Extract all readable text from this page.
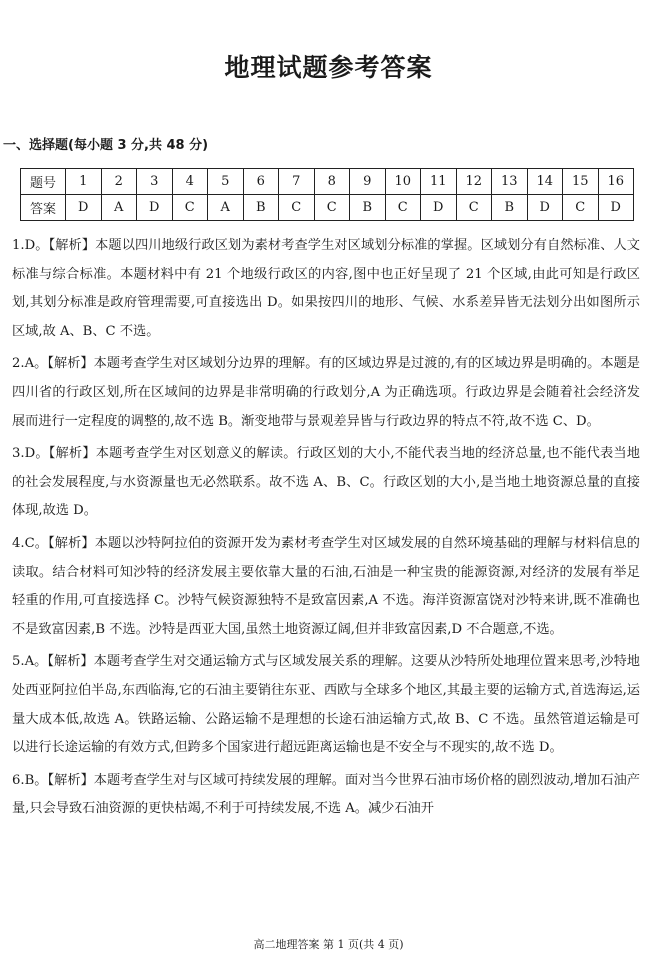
地理试题参考答案
一、选择题(每小题 3 分,共 48 分)
题号	1	2	3	4	5	6	7	8	9	10	11	12	13	14	15	16
答案	D	A	D	C	A	B	C	C	B	C	D	C	B	D	C	D

1.D。【解析】本题以四川地级行政区划为素材考查学生对区域划分标准的掌握。区域划分有自然标准、人文标准与综合标准。本题材料中有 21 个地级行政区的内容,图中也正好呈现了 21 个区域,由此可知是行政区划,其划分标准是政府管理需要,可直接选出 D。如果按四川的地形、气候、水系差异皆无法划分出如图所示区域,故 A、B、C 不选。

2.A。【解析】本题考查学生对区域划分边界的理解。有的区域边界是过渡的,有的区域边界是明确的。本题是四川省的行政区划,所在区域间的边界是非常明确的行政划分,A 为正确选项。行政边界是会随着社会经济发展而进行一定程度的调整的,故不选 B。渐变地带与景观差异皆与行政边界的特点不符,故不选 C、D。

3.D。【解析】本题考查学生对区划意义的解读。行政区划的大小,不能代表当地的经济总量,也不能代表当地的社会发展程度,与水资源量也无必然联系。故不选 A、B、C。行政区划的大小,是当地土地资源总量的直接体现,故选 D。

4.C。【解析】本题以沙特阿拉伯的资源开发为素材考查学生对区域发展的自然环境基础的理解与材料信息的读取。结合材料可知沙特的经济发展主要依靠大量的石油,石油是一种宝贵的能源资源,对经济的发展有举足轻重的作用,可直接选择 C。沙特气候资源独特不是致富因素,A 不选。海洋资源富饶对沙特来讲,既不准确也不是致富因素,B 不选。沙特是西亚大国,虽然土地资源辽阔,但并非致富因素,D 不合题意,不选。

5.A。【解析】本题考查学生对交通运输方式与区域发展关系的理解。这要从沙特所处地理位置来思考,沙特地处西亚阿拉伯半岛,东西临海,它的石油主要销往东亚、西欧与全球多个地区,其最主要的运输方式,首选海运,运量大成本低,故选 A。铁路运输、公路运输不是理想的长途石油运输方式,故 B、C 不选。虽然管道运输是可以进行长途运输的有效方式,但跨多个国家进行超远距离运输也是不安全与不现实的,故不选 D。

6.B。【解析】本题考查学生对与区域可持续发展的理解。面对当今世界石油市场价格的剧烈波动,增加石油产量,只会导致石油资源的更快枯竭,不利于可持续发展,不选 A。减少石油开

高二地理答案 第 1 页(共 4 页)
